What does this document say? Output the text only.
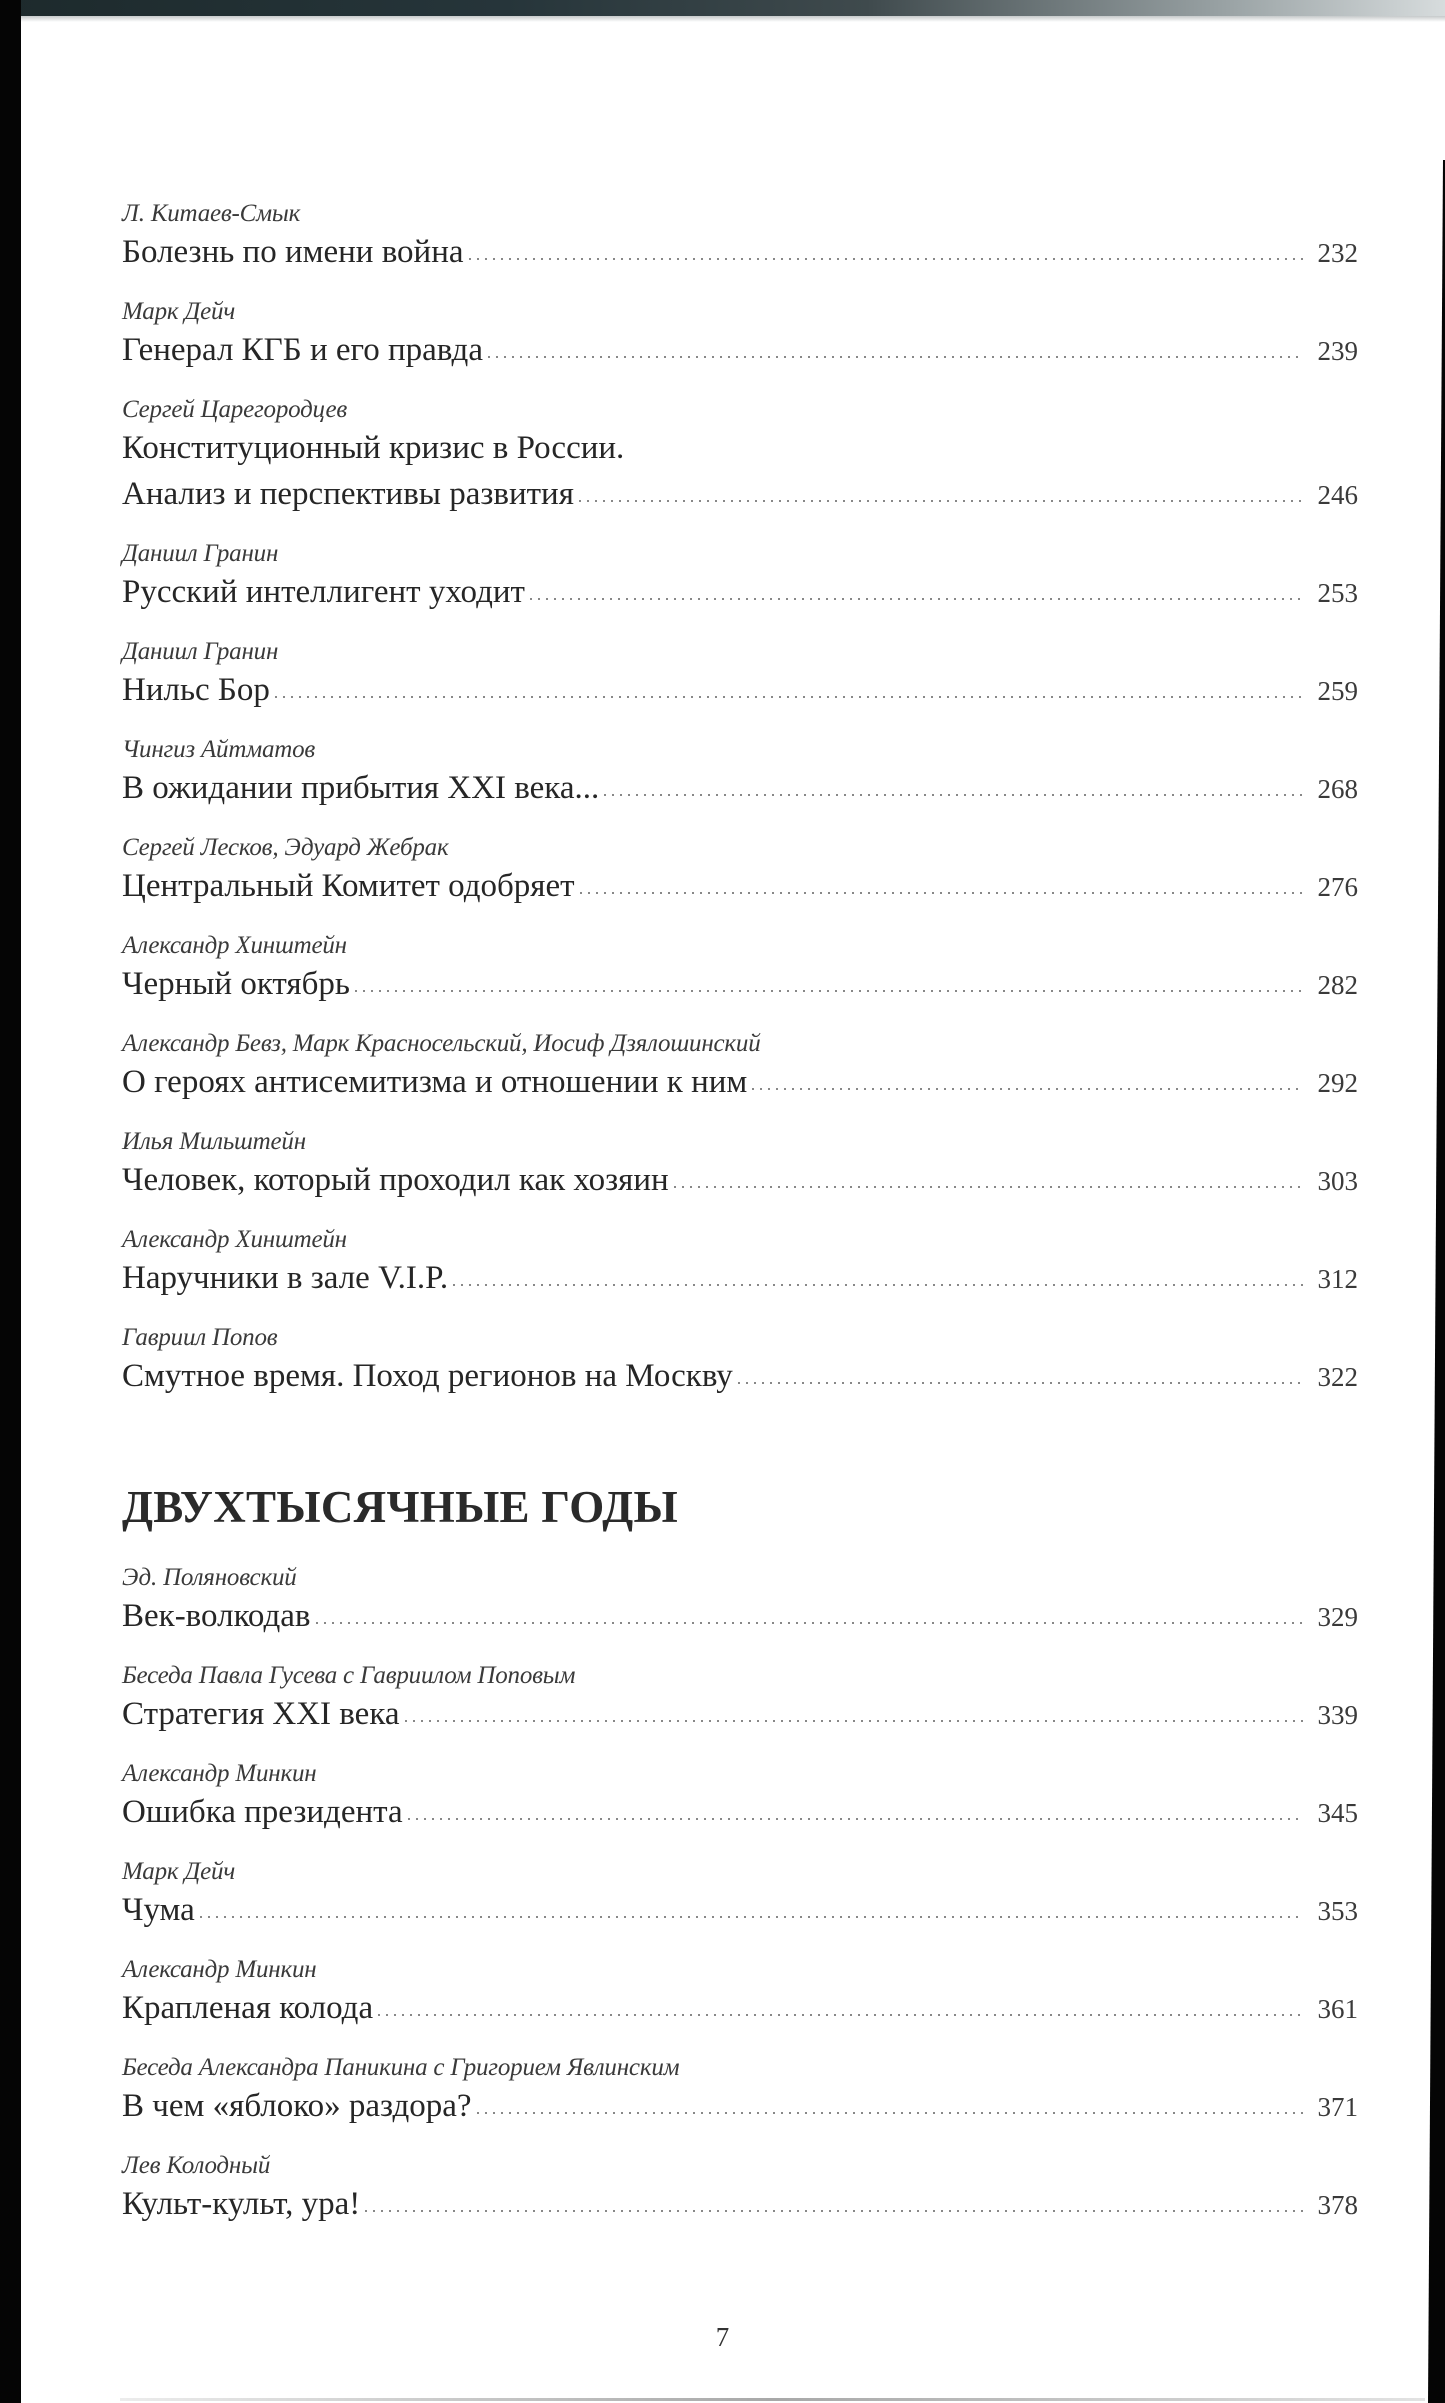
Л. Китаев-Смык
Болезнь по имени война	232
Марк Дейч
Генерал КГБ и его правда	239
Сергей Царегородцев
Конституционный кризис в России.
Анализ и перспективы развития	246
Даниил Гранин
Русский интеллигент уходит	253
Даниил Гранин
Нильс Бор	259
Чингиз Айтматов
В ожидании прибытия XXI века...	268
Сергей Лесков, Эдуард Жебрак
Центральный Комитет одобряет	276
Александр Хинштейн
Черный октябрь	282
Александр Бевз, Марк Красносельский, Иосиф Дзялошинский
О героях антисемитизма и отношении к ним	292
Илья Мильштейн
Человек, который проходил как хозяин	303
Александр Хинштейн
Наручники в зале V.I.P.	312
Гавриил Попов
Смутное время. Поход регионов на Москву	322
Эд. Поляновский
Век-волкодав	329
Беседа Павла Гусева с Гавриилом Поповым
Стратегия XXI века	339
Александр Минкин
Ошибка президента	345
Марк Дейч
Чума	353
Александр Минкин
Крапленая колода	361
Беседа Александра Паникина с Григорием Явлинским
В чем «яблоко» раздора?	371
Лев Колодный
Культ-культ, ура!	378
ДВУХТЫСЯЧНЫЕ ГОДЫ
7
